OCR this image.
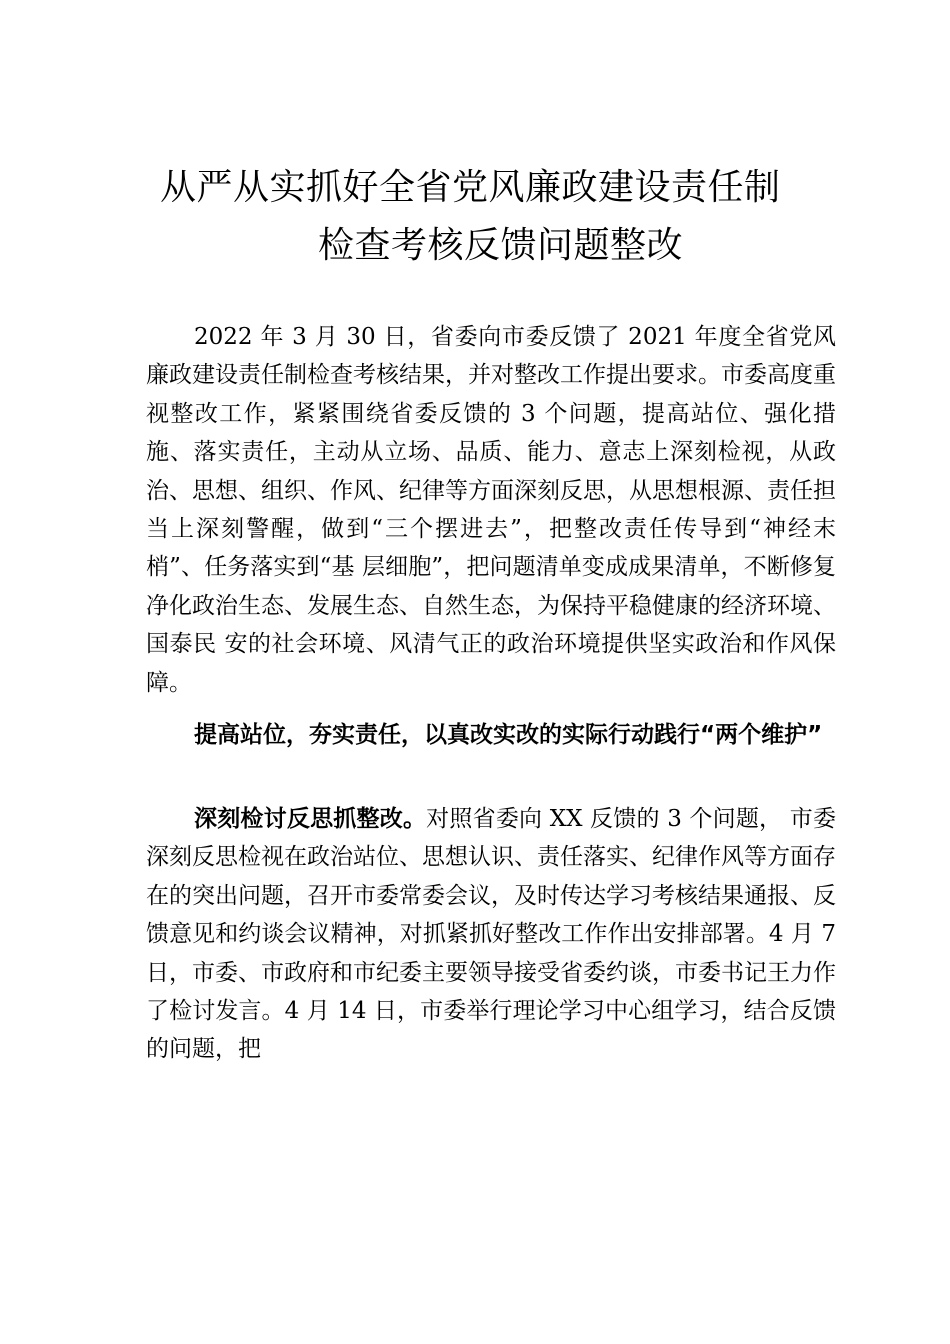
从严从实抓好全省党风廉政建设责任制
检查考核反馈问题整改

2022 年 3 月 30 日，省委向市委反馈了 2021 年度全省党风廉政建设责任制检查考核结果，并对整改工作提出要求。市委高度重视整改工作，紧紧围绕省委反馈的 3 个问题，提高站位、强化措施、落实责任，主动从立场、品质、能力、意志上深刻检视，从政治、思想、组织、作风、纪律等方面深刻反思，从思想根源、责任担当上深刻警醒，做到“三个摆进去”，把整改责任传导到“神经末梢”、任务落实到“基 层细胞”，把问题清单变成成果清单，不断修复净化政治生态、发展生态、自然生态，为保持平稳健康的经济环境、国泰民 安的社会环境、风清气正的政治环境提供坚实政治和作风保 障。

提高站位，夯实责任，以真改实改的实际行动践行“两个维护”

深刻检讨反思抓整改。对照省委向 XX 反馈的 3 个问题， 市委深刻反思检视在政治站位、思想认识、责任落实、纪律作风等方面存在的突出问题，召开市委常委会议，及时传达学习考核结果通报、反馈意见和约谈会议精神，对抓紧抓好整改工作作出安排部署。4 月 7 日，市委、市政府和市纪委主要领导接受省委约谈，市委书记王力作了检讨发言。4 月 14 日，市委举行理论学习中心组学习，结合反馈的问题，把
